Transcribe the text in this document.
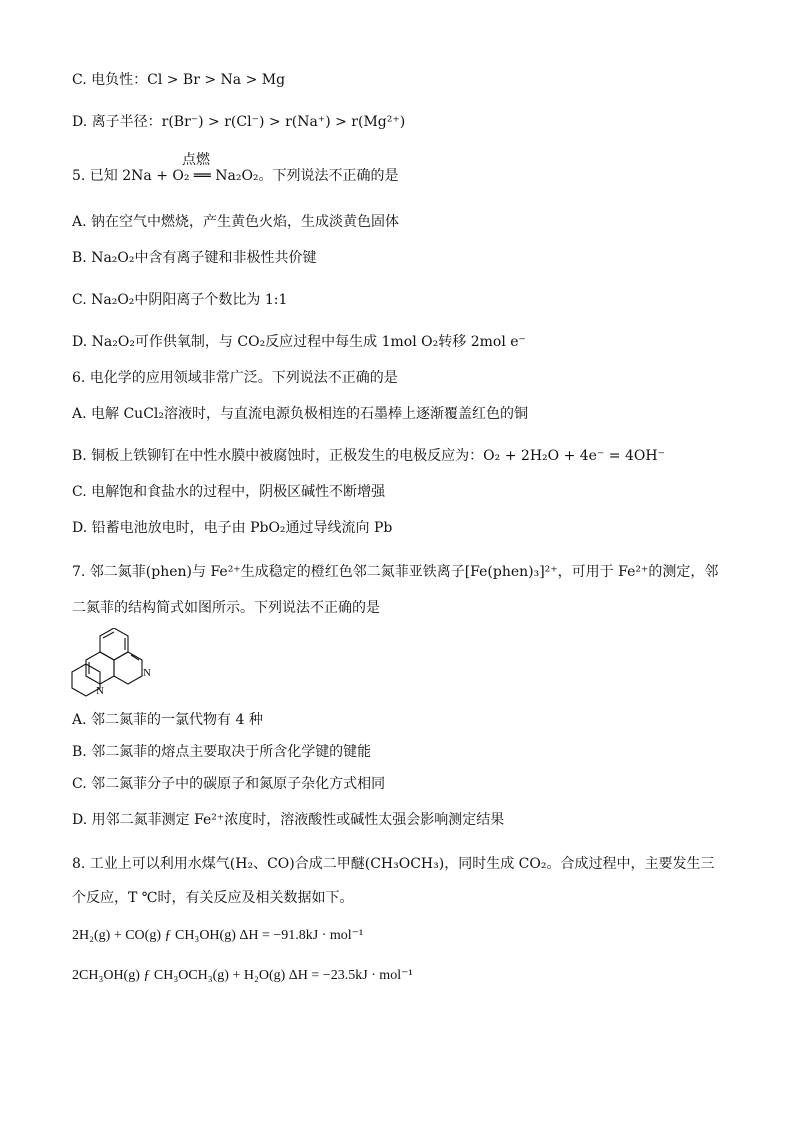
C. 电负性：Cl > Br > Na > Mg
D. 离子半径：r(Br⁻) > r(Cl⁻) > r(Na⁺) > r(Mg²⁺)
点燃
5. 已知 2Na + O₂ ══ Na₂O₂。下列说法不正确的是
A. 钠在空气中燃烧，产生黄色火焰，生成淡黄色固体
B. Na₂O₂中含有离子键和非极性共价键
C. Na₂O₂中阴阳离子个数比为 1:1
D. Na₂O₂可作供氧制，与 CO₂反应过程中每生成 1mol O₂转移 2mol e⁻
6. 电化学的应用领域非常广泛。下列说法不正确的是
A. 电解 CuCl₂溶液时，与直流电源负极相连的石墨棒上逐渐覆盖红色的铜
B. 铜板上铁铆钉在中性水膜中被腐蚀时，正极发生的电极反应为：O₂ + 2H₂O + 4e⁻ = 4OH⁻
C. 电解饱和食盐水的过程中，阴极区碱性不断增强
D. 铅蓄电池放电时，电子由 PbO₂通过导线流向 Pb
7. 邻二氮菲(phen)与 Fe²⁺生成稳定的橙红色邻二氮菲亚铁离子[Fe(phen)₃]²⁺，可用于 Fe²⁺的测定，邻
二氮菲的结构简式如图所示。下列说法不正确的是
N
N
A. 邻二氮菲的一氯代物有 4 种
B. 邻二氮菲的熔点主要取决于所含化学键的键能
C. 邻二氮菲分子中的碳原子和氮原子杂化方式相同
D. 用邻二氮菲测定 Fe²⁺浓度时，溶液酸性或碱性太强会影响测定结果
8. 工业上可以利用水煤气(H₂、CO)合成二甲醚(CH₃OCH₃)，同时生成 CO₂。合成过程中，主要发生三
个反应，T ℃时，有关反应及相关数据如下。
2H₂(g) + CO(g) ƒ CH₃OH(g) ΔH = −91.8kJ · mol⁻¹
2CH₃OH(g) ƒ CH₃OCH₃(g) + H₂O(g) ΔH = −23.5kJ · mol⁻¹
